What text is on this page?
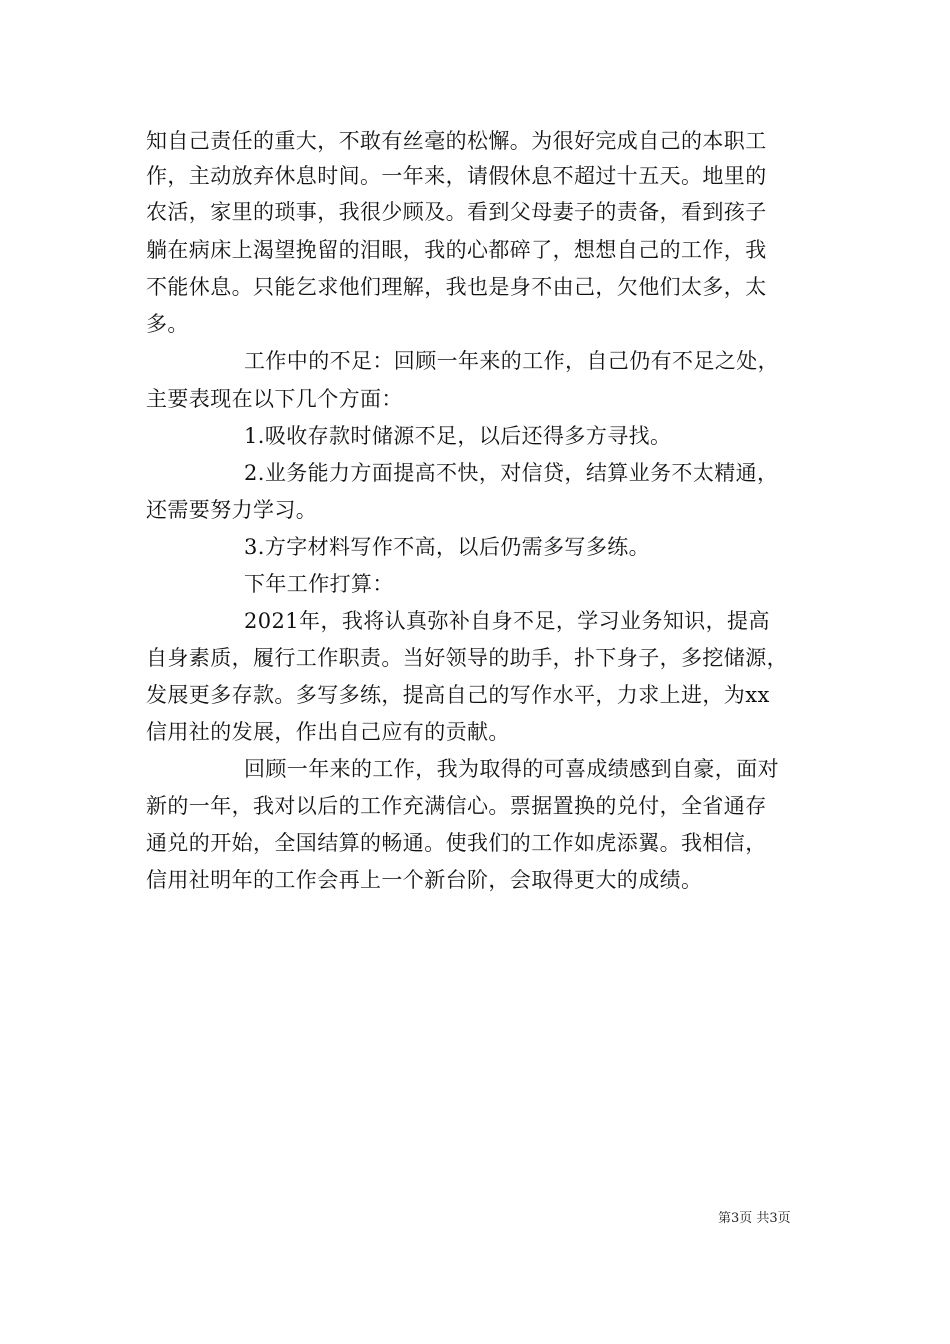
知自己责任的重大，不敢有丝毫的松懈。为很好完成自己的本职工
作，主动放弃休息时间。一年来，请假休息不超过十五天。地里的
农活，家里的琐事，我很少顾及。看到父母妻子的责备，看到孩子
躺在病床上渴望挽留的泪眼，我的心都碎了，想想自己的工作，我
不能休息。只能乞求他们理解，我也是身不由己，欠他们太多，太
多。
工作中的不足：回顾一年来的工作，自己仍有不足之处，
主要表现在以下几个方面：
1.吸收存款时储源不足，以后还得多方寻找。
2.业务能力方面提高不快，对信贷，结算业务不太精通，
还需要努力学习。
3.方字材料写作不高，以后仍需多写多练。
下年工作打算：
2021年，我将认真弥补自身不足，学习业务知识，提高
自身素质，履行工作职责。当好领导的助手，扑下身子，多挖储源，
发展更多存款。多写多练，提高自己的写作水平，力求上进，为xx
信用社的发展，作出自己应有的贡献。
回顾一年来的工作，我为取得的可喜成绩感到自豪，面对
新的一年，我对以后的工作充满信心。票据置换的兑付，全省通存
通兑的开始，全国结算的畅通。使我们的工作如虎添翼。我相信，
信用社明年的工作会再上一个新台阶，会取得更大的成绩。
第3页 共3页
